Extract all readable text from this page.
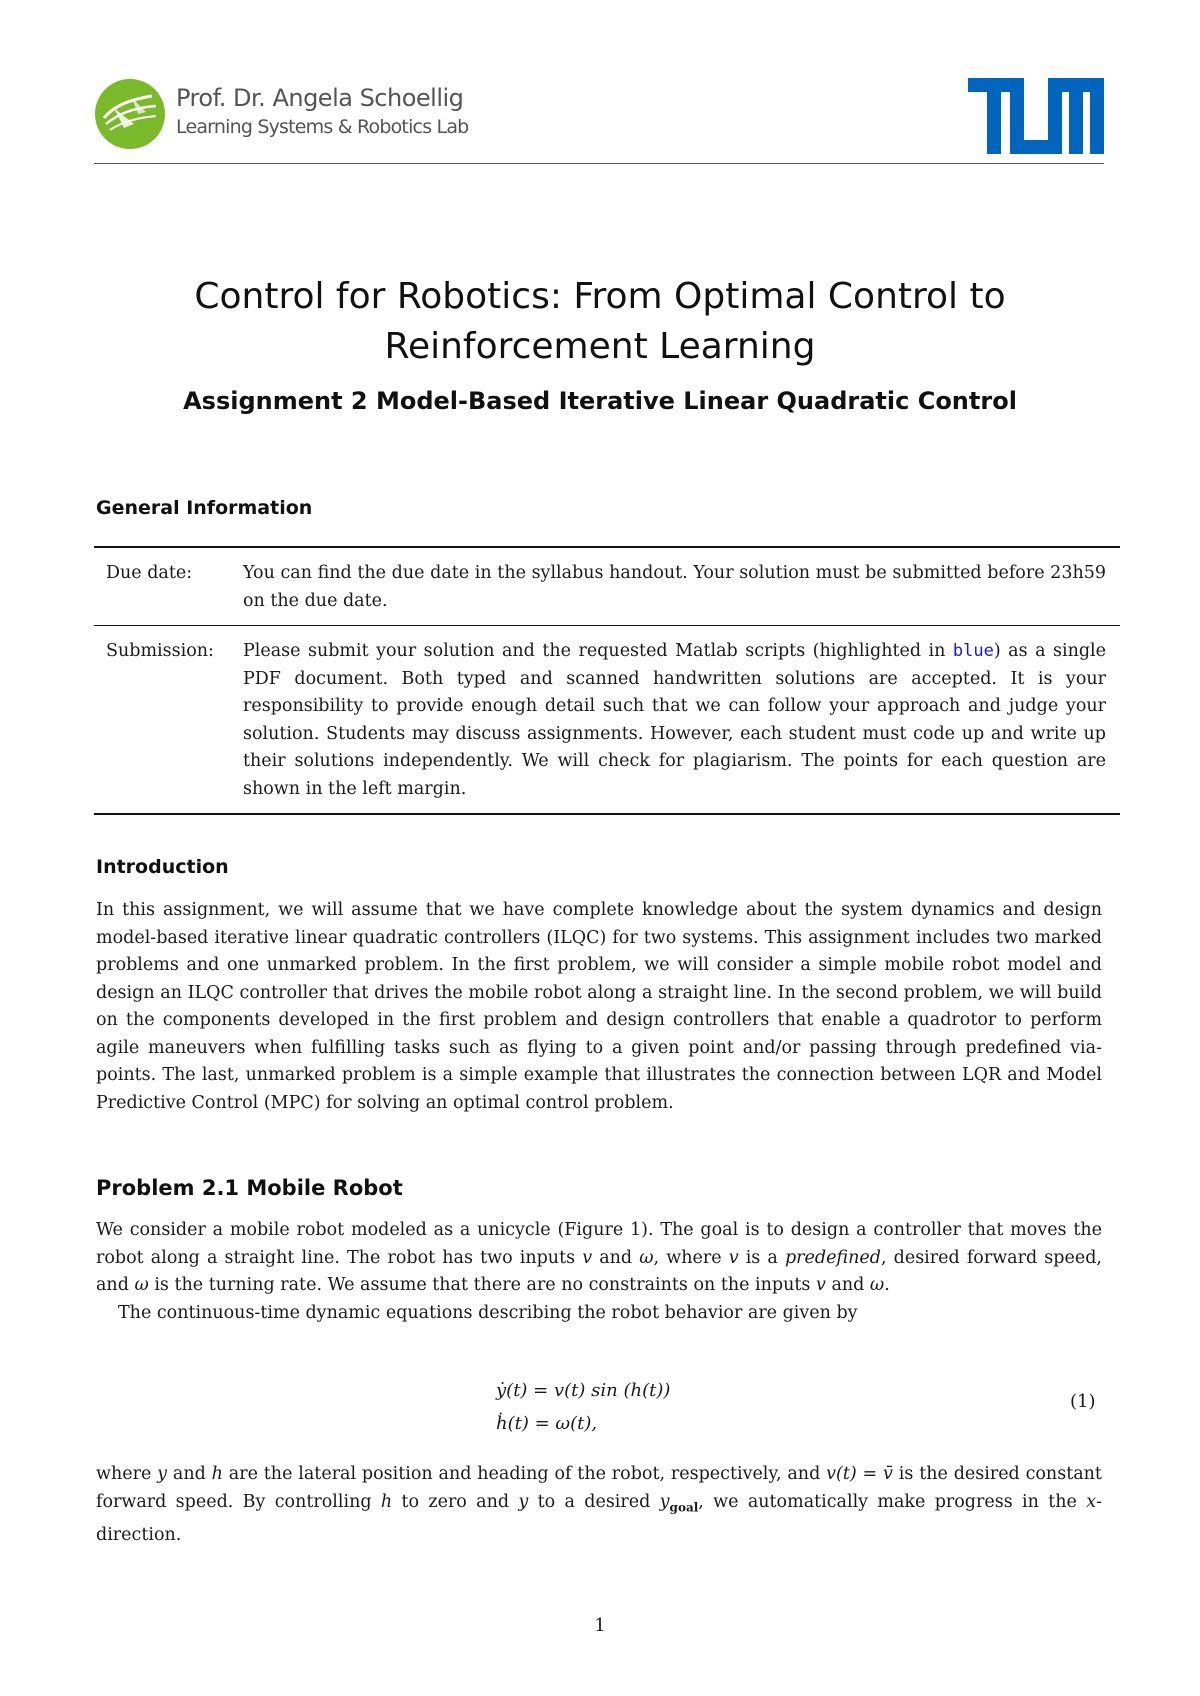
Prof. Dr. Angela Schoellig
Learning Systems & Robotics Lab
Control for Robotics: From Optimal Control to
Reinforcement Learning
Assignment 2 Model-Based Iterative Linear Quadratic Control
General Information
Due date:	You can find the due date in the syllabus handout. Your solution must be submitted before 23h59 on the due date.
Submission:	Please submit your solution and the requested Matlab scripts (highlighted in blue) as a single PDF document. Both typed and scanned handwritten solutions are accepted. It is your responsibility to provide enough detail such that we can follow your approach and judge your solution. Students may discuss assignments. However, each student must code up and write up their solutions independently. We will check for plagiarism. The points for each question are shown in the left margin.
Introduction

In this assignment, we will assume that we have complete knowledge about the system dynamics and design model-based iterative linear quadratic controllers (ILQC) for two systems. This assignment includes two marked problems and one unmarked problem. In the first problem, we will consider a simple mobile robot model and design an ILQC controller that drives the mobile robot along a straight line. In the second problem, we will build on the components developed in the first problem and design controllers that enable a quadrotor to perform agile maneuvers when fulfilling tasks such as flying to a given point and/or passing through predefined via-points. The last, unmarked problem is a simple example that illustrates the connection between LQR and Model Predictive Control (MPC) for solving an optimal control problem.

Problem 2.1 Mobile Robot

We consider a mobile robot modeled as a unicycle (Figure 1). The goal is to design a controller that moves the robot along a straight line. The robot has two inputs v and ω, where v is a predefined, desired forward speed, and ω is the turning rate. We assume that there are no constraints on the inputs v and ω.

The continuous-time dynamic equations describing the robot behavior are given by

ẏ(t) = v(t) sin (h(t))
ḣ(t) = ω(t),
(1)

where y and h are the lateral position and heading of the robot, respectively, and v(t) = v̄ is the desired constant forward speed. By controlling h to zero and y to a desired $y_{goal}$, we automatically make progress in the x-direction.

1
